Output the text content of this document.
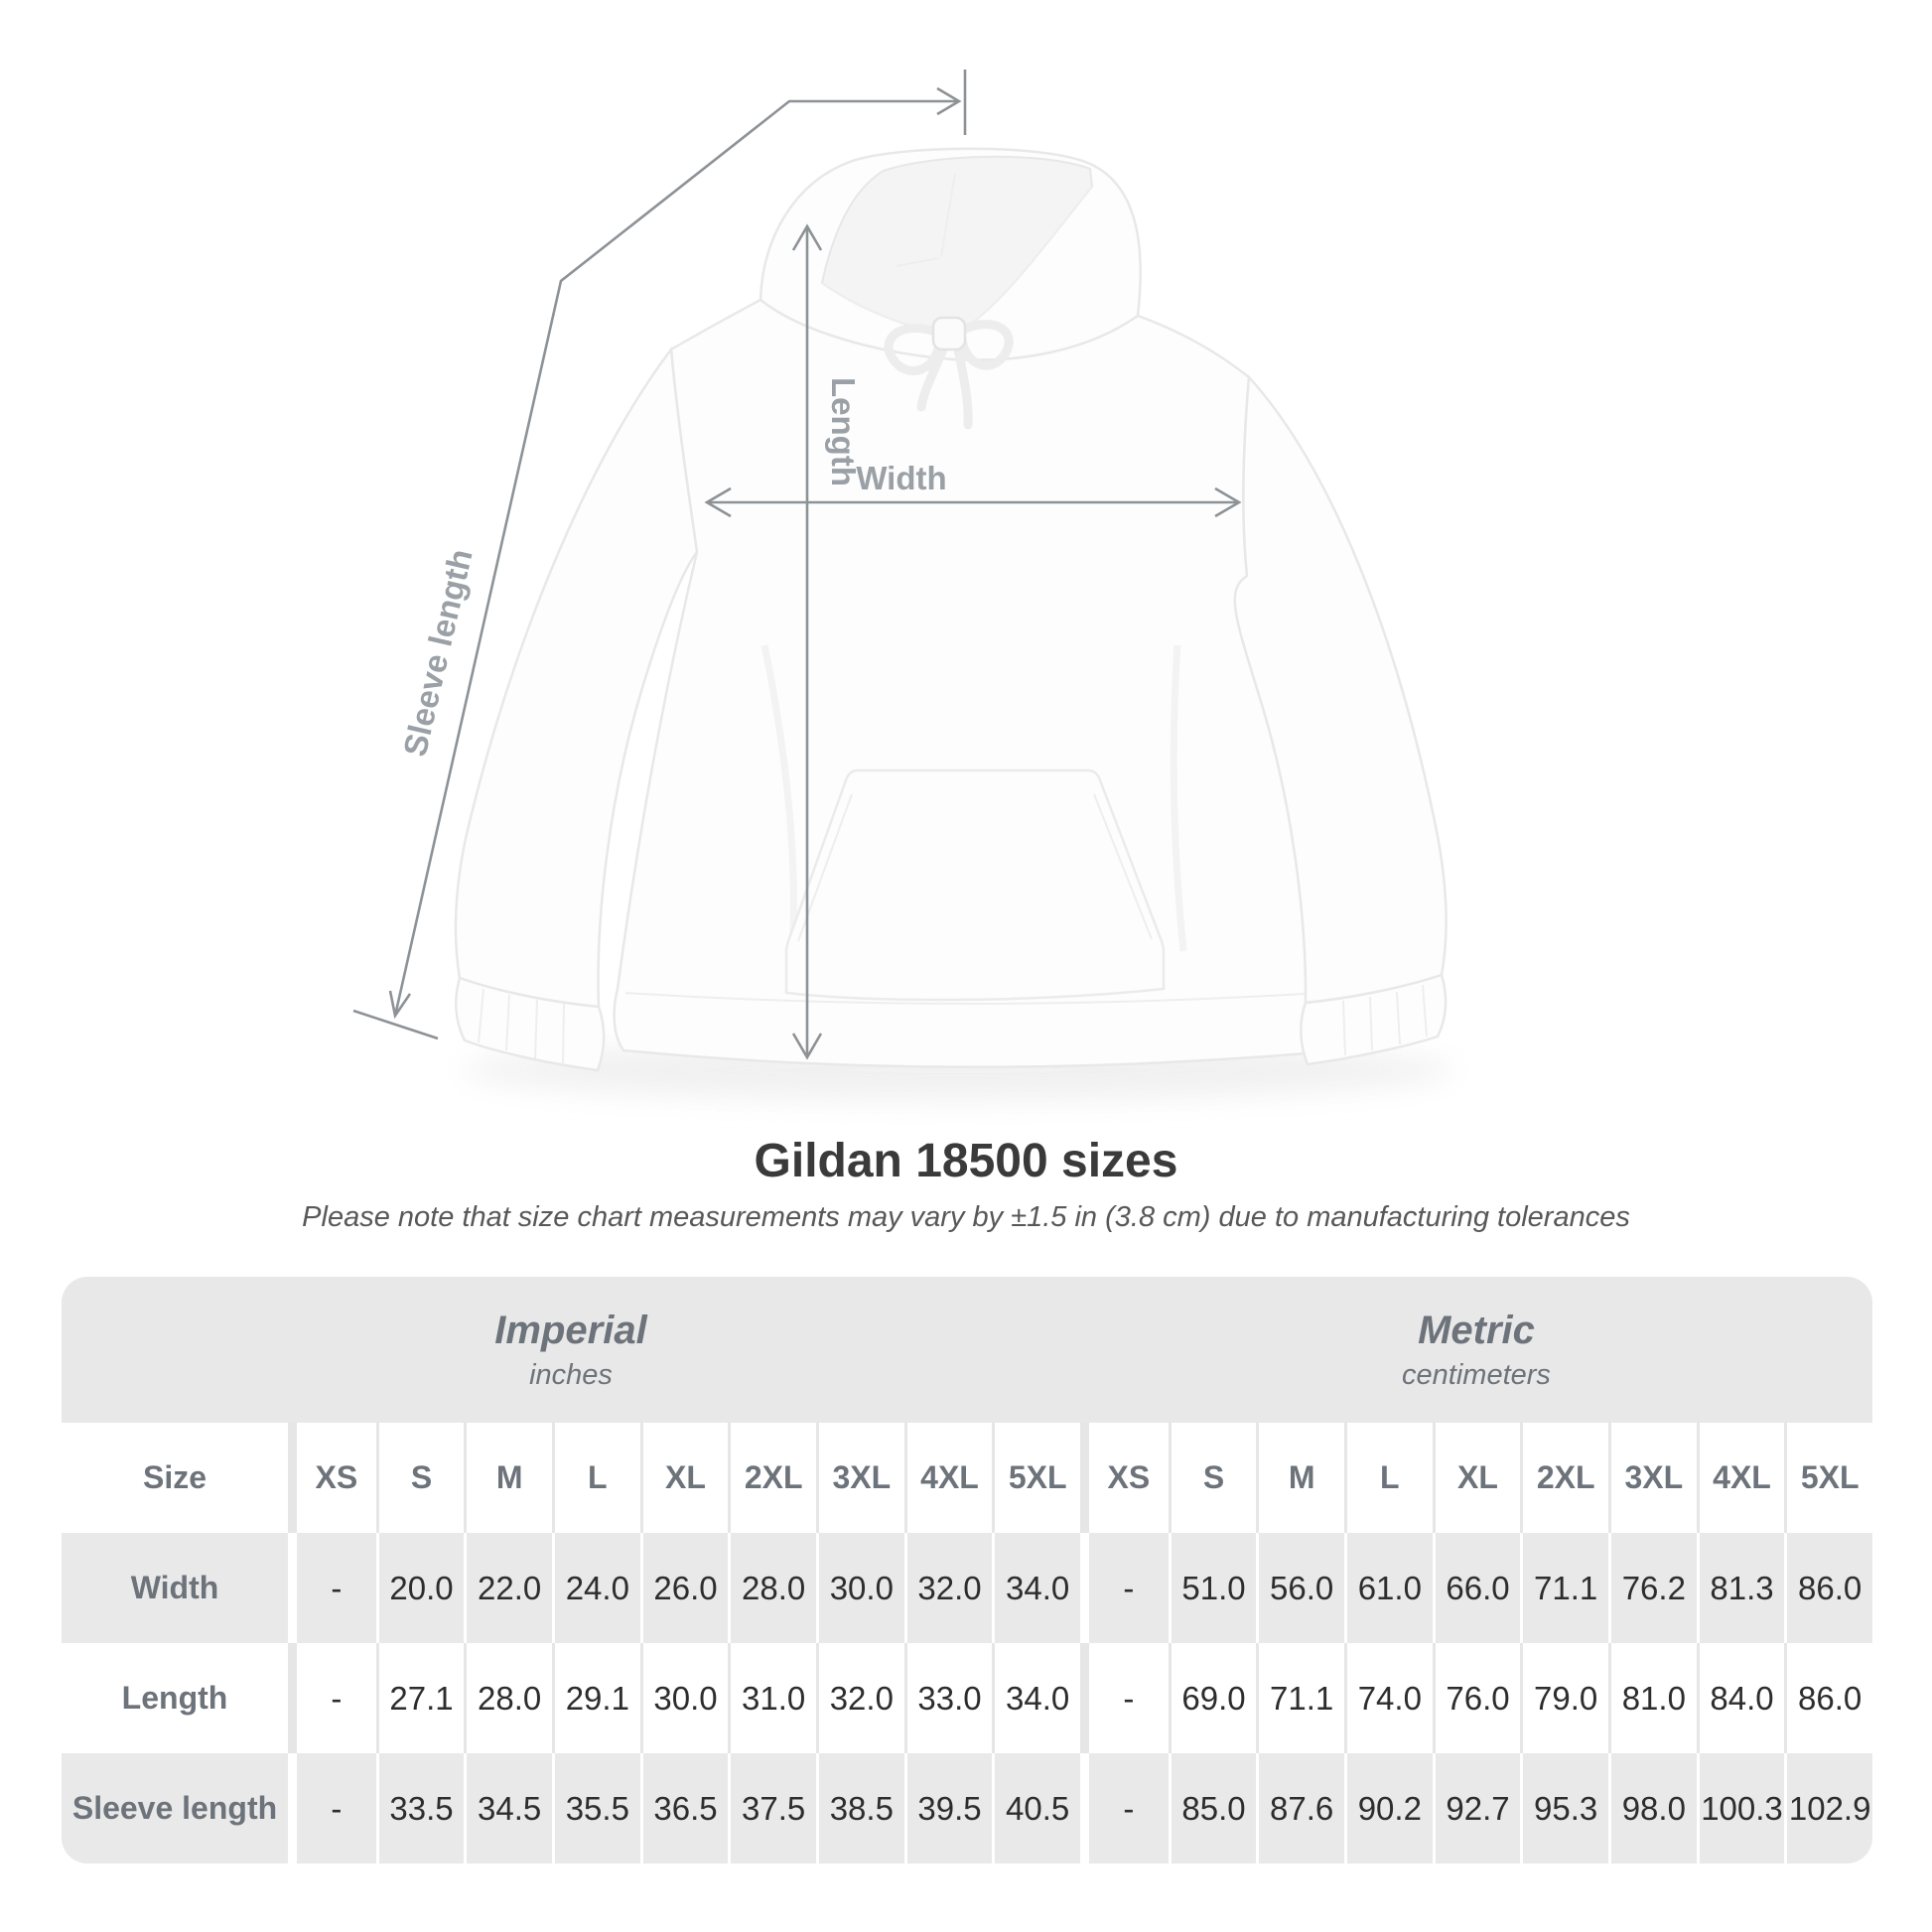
Sleeve length
Length
Width
Gildan 18500 sizes
Please note that size chart measurements may vary by ±1.5 in (3.8 cm) due to manufacturing tolerances
Imperial
inches
Metric
centimeters
Size	XS	S	M	L	XL	2XL 3XL 4XL 5XL	XS	S	M	L	XL	2XL 3XL 4XL 5XL
Width	-	20.0 22.0 24.0 26.0 28.0 30.0 32.0 34.0	-	51.0 56.0 61.0 66.0 71.1 76.2 81.3 86.0
Length	-	27.1 28.0 29.1 30.0 31.0 32.0 33.0 34.0	-	69.0 71.1 74.0 76.0 79.0 81.0 84.0 86.0
Sleeve length	-	33.5 34.5 35.5 36.5 37.5 38.5 39.5 40.5	-	85.0 87.6 90.2 92.7 95.3 98.0 100.3 102.9
